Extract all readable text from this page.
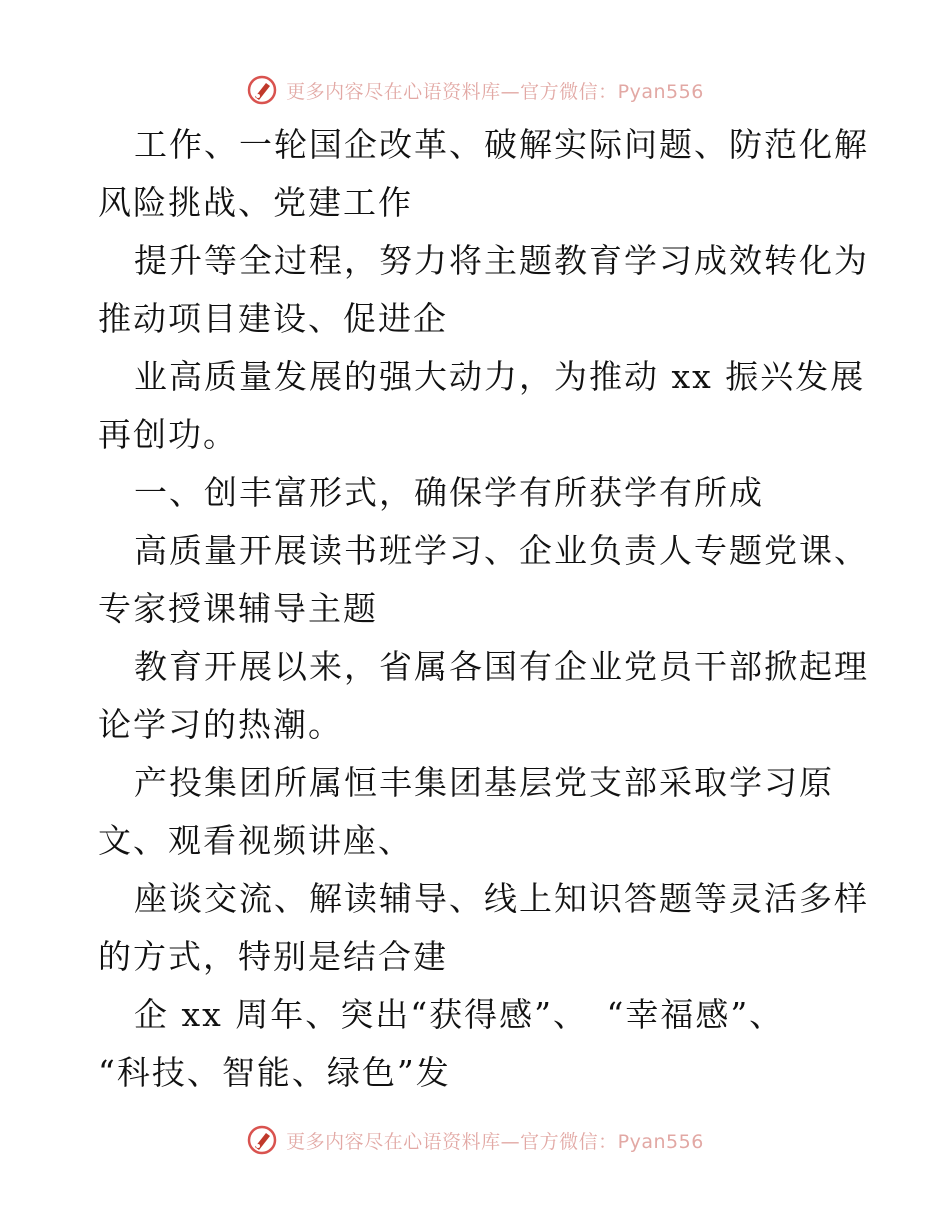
更多内容尽在心语资料库—官方微信：Pyan556
工作、一轮国企改革、破解实际问题、防范化解
风险挑战、党建工作
提升等全过程，努力将主题教育学习成效转化为
推动项目建设、促进企
业高质量发展的强大动力，为推动 xx 振兴发展
再创功。
一、创丰富形式，确保学有所获学有所成
高质量开展读书班学习、企业负责人专题党课、
专家授课辅导主题
教育开展以来，省属各国有企业党员干部掀起理
论学习的热潮。
产投集团所属恒丰集团基层党支部采取学习原
文、观看视频讲座、
座谈交流、解读辅导、线上知识答题等灵活多样
的方式，特别是结合建
企 xx 周年、突出“获得感”、　“幸福感”、
“科技、智能、绿色”发
更多内容尽在心语资料库—官方微信：Pyan556
